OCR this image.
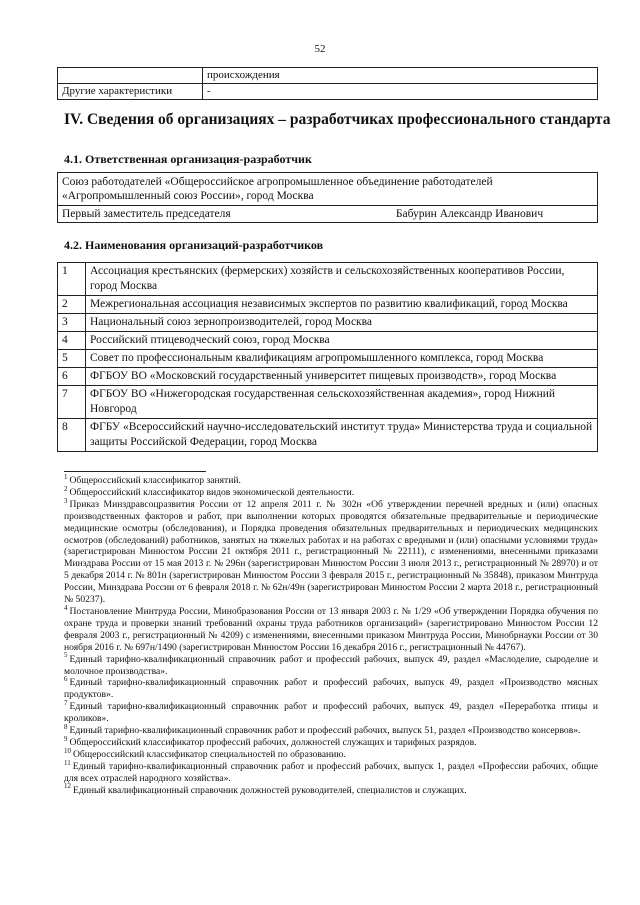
52
	происхождения
Другие характеристики	-
IV. Сведения об организациях – разработчиках профессионального стандарта
4.1. Ответственная организация-разработчик
Союз работодателей «Общероссийское агропромышленное объединение работодателей «Агропромышленный союз России», город Москва
Первый заместитель председателя	Бабурин Александр Иванович
4.2. Наименования организаций-разработчиков
1	Ассоциация крестьянских (фермерских) хозяйств и сельскохозяйственных кооперативов России, город Москва
2	Межрегиональная ассоциация независимых экспертов по развитию квалификаций, город Москва
3	Национальный союз зернопроизводителей, город Москва
4	Российский птицеводческий союз, город Москва
5	Совет по профессиональным квалификациям агропромышленного комплекса, город Москва
6	ФГБОУ ВО «Московский государственный университет пищевых производств», город Москва
7	ФГБОУ ВО «Нижегородская государственная сельскохозяйственная академия», город Нижний Новгород
8	ФГБУ «Всероссийский научно-исследовательский институт труда» Министерства труда и социальной защиты Российской Федерации, город Москва

$^1$ Общероссийский классификатор занятий.

$^2$ Общероссийский классификатор видов экономической деятельности.

$^3$ Приказ Минздравсоцразвития России от 12 апреля 2011 г. № 302н «Об утверждении перечней вредных и (или) опасных производственных факторов и работ, при выполнении которых проводятся обязательные предварительные и периодические медицинские осмотры (обследования), и Порядка проведения обязательных предварительных и периодических медицинских осмотров (обследований) работников, занятых на тяжелых работах и на работах с вредными и (или) опасными условиями труда» (зарегистрирован Минюстом России 21 октября 2011 г., регистрационный № 22111), с изменениями, внесенными приказами Минздрава России от 15 мая 2013 г. № 296н (зарегистрирован Минюстом России 3 июля 2013 г., регистрационный № 28970) и от 5 декабря 2014 г. № 801н (зарегистрирован Минюстом России 3 февраля 2015 г., регистрационный № 35848), приказом Минтруда России, Минздрава России от 6 февраля 2018 г. № 62н/49н (зарегистрирован Минюстом России 2 марта 2018 г., регистрационный № 50237).

$^4$ Постановление Минтруда России, Минобразования России от 13 января 2003 г. № 1/29 «Об утверждении Порядка обучения по охране труда и проверки знаний требований охраны труда работников организаций» (зарегистрировано Минюстом России 12 февраля 2003 г., регистрационный № 4209) с изменениями, внесенными приказом Минтруда России, Минобрнауки России от 30 ноября 2016 г. № 697н/1490 (зарегистрирован Минюстом России 16 декабря 2016 г., регистрационный № 44767).

$^5$ Единый тарифно-квалификационный справочник работ и профессий рабочих, выпуск 49, раздел «Маслоделие, сыроделие и молочное производства».

$^6$ Единый тарифно-квалификационный справочник работ и профессий рабочих, выпуск 49, раздел «Производство мясных продуктов».

$^7$ Единый тарифно-квалификационный справочник работ и профессий рабочих, выпуск 49, раздел «Переработка птицы и кроликов».

$^8$ Единый тарифно-квалификационный справочник работ и профессий рабочих, выпуск 51, раздел «Производство консервов».

$^9$ Общероссийский классификатор профессий рабочих, должностей служащих и тарифных разрядов.

$^{10}$ Общероссийский классификатор специальностей по образованию.

$^{11}$ Единый тарифно-квалификационный справочник работ и профессий рабочих, выпуск 1, раздел «Профессии рабочих, общие для всех отраслей народного хозяйства».

$^{12}$ Единый квалификационный справочник должностей руководителей, специалистов и служащих.
